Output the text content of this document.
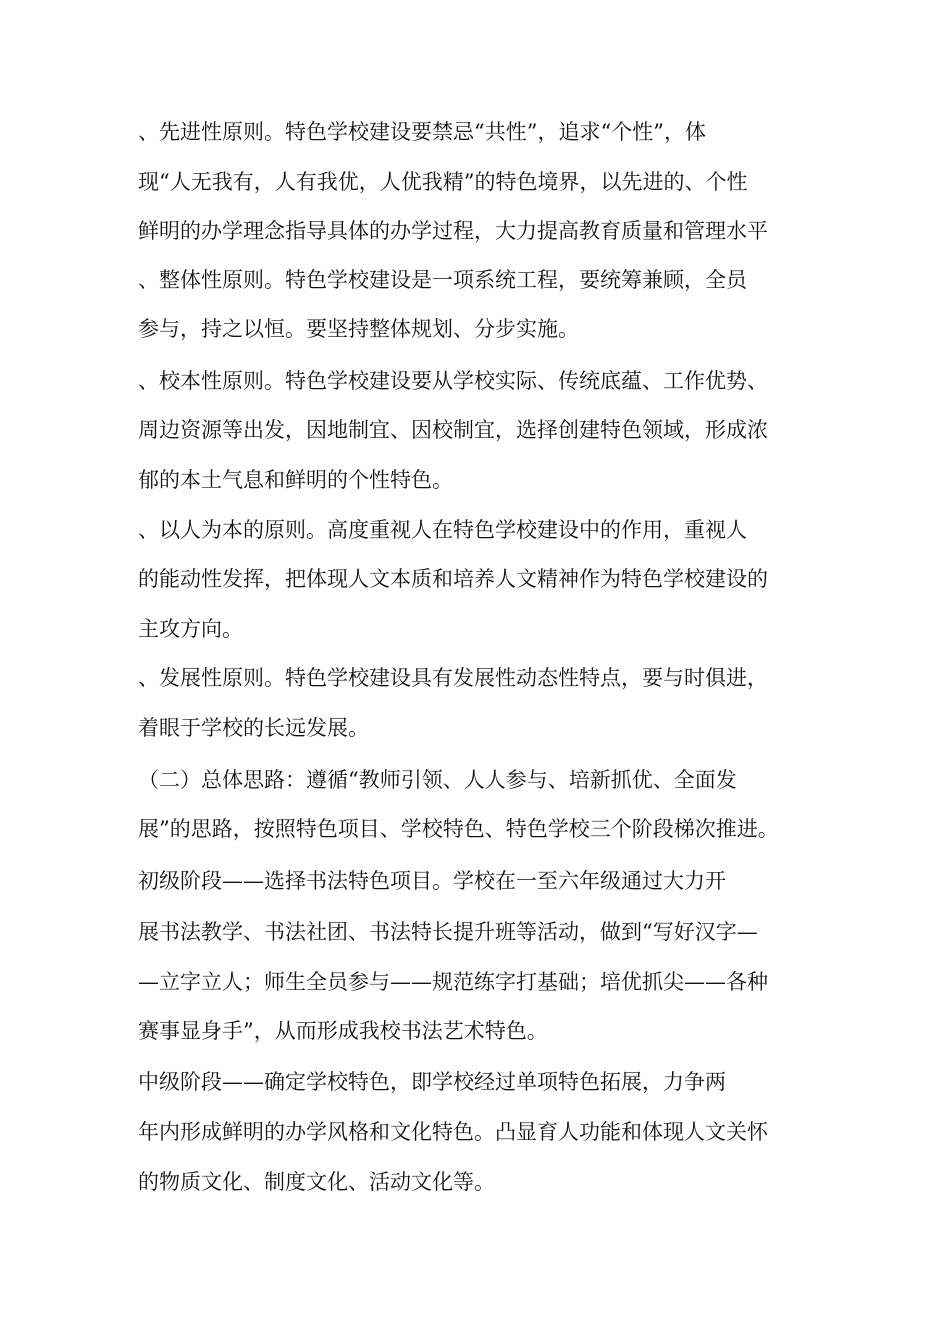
、先进性原则。特色学校建设要禁忌“共性”，追求“个性”，体
现“人无我有，人有我优，人优我精”的特色境界，以先进的、个性
鲜明的办学理念指导具体的办学过程，大力提高教育质量和管理水平
、整体性原则。特色学校建设是一项系统工程，要统筹兼顾，全员
参与，持之以恒。要坚持整体规划、分步实施。
、校本性原则。特色学校建设要从学校实际、传统底蕴、工作优势、
周边资源等出发，因地制宜、因校制宜，选择创建特色领域，形成浓
郁的本土气息和鲜明的个性特色。
、以人为本的原则。高度重视人在特色学校建设中的作用，重视人
的能动性发挥，把体现人文本质和培养人文精神作为特色学校建设的
主攻方向。
、发展性原则。特色学校建设具有发展性动态性特点，要与时俱进，
着眼于学校的长远发展。
（二）总体思路：遵循“教师引领、人人参与、培新抓优、全面发
展”的思路，按照特色项目、学校特色、特色学校三个阶段梯次推进。
初级阶段——选择书法特色项目。学校在一至六年级通过大力开
展书法教学、书法社团、书法特长提升班等活动，做到“写好汉字—
—立字立人；师生全员参与——规范练字打基础；培优抓尖——各种
赛事显身手”，从而形成我校书法艺术特色。
中级阶段——确定学校特色，即学校经过单项特色拓展，力争两
年内形成鲜明的办学风格和文化特色。凸显育人功能和体现人文关怀
的物质文化、制度文化、活动文化等。
